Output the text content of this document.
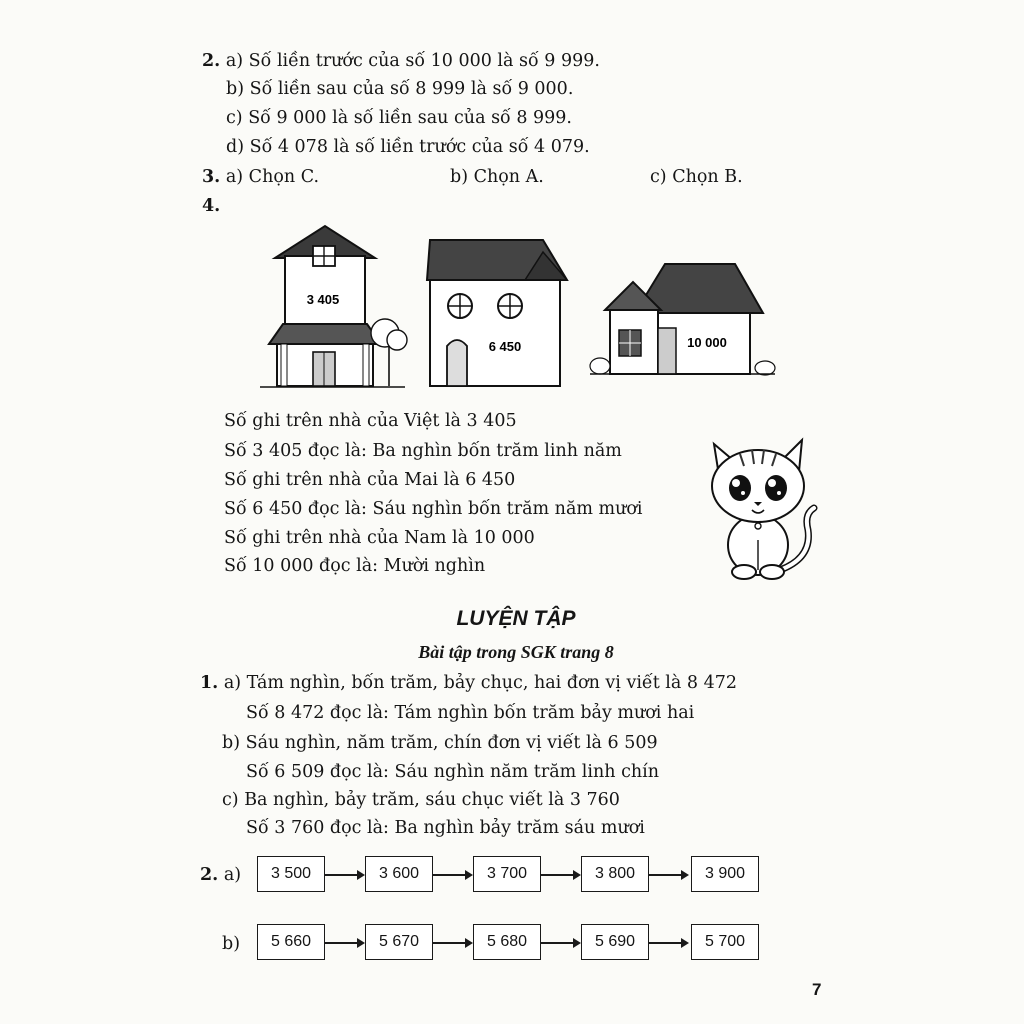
2. a) Số liền trước của số 10 000 là số 9 999.
b) Số liền sau của số 8 999 là số 9 000.
c) Số 9 000 là số liền sau của số 8 999.
d) Số 4 078 là số liền trước của số 4 079.
3. a) Chọn C.	b) Chọn A.	c) Chọn B.
4.
3 405
6 450	10 000
Số ghi trên nhà của Việt là 3 405
Số 3 405 đọc là: Ba nghìn bốn trăm linh năm
Số ghi trên nhà của Mai là 6 450
Số 6 450 đọc là: Sáu nghìn bốn trăm năm mươi
Số ghi trên nhà của Nam là 10 000
Số 10 000 đọc là: Mười nghìn
LUYỆN TẬP
Bài tập trong SGK trang 8
1. a) Tám nghìn, bốn trăm, bảy chục, hai đơn vị viết là 8 472
Số 8 472 đọc là: Tám nghìn bốn trăm bảy mươi hai
b) Sáu nghìn, năm trăm, chín đơn vị viết là 6 509
Số 6 509 đọc là: Sáu nghìn năm trăm linh chín
c) Ba nghìn, bảy trăm, sáu chục viết là 3 760
Số 3 760 đọc là: Ba nghìn bảy trăm sáu mươi
2. a)	3 500	3 600	3 700	3 800	3 900
b)	5 660	5 670	5 680	5 690	5 700
7
